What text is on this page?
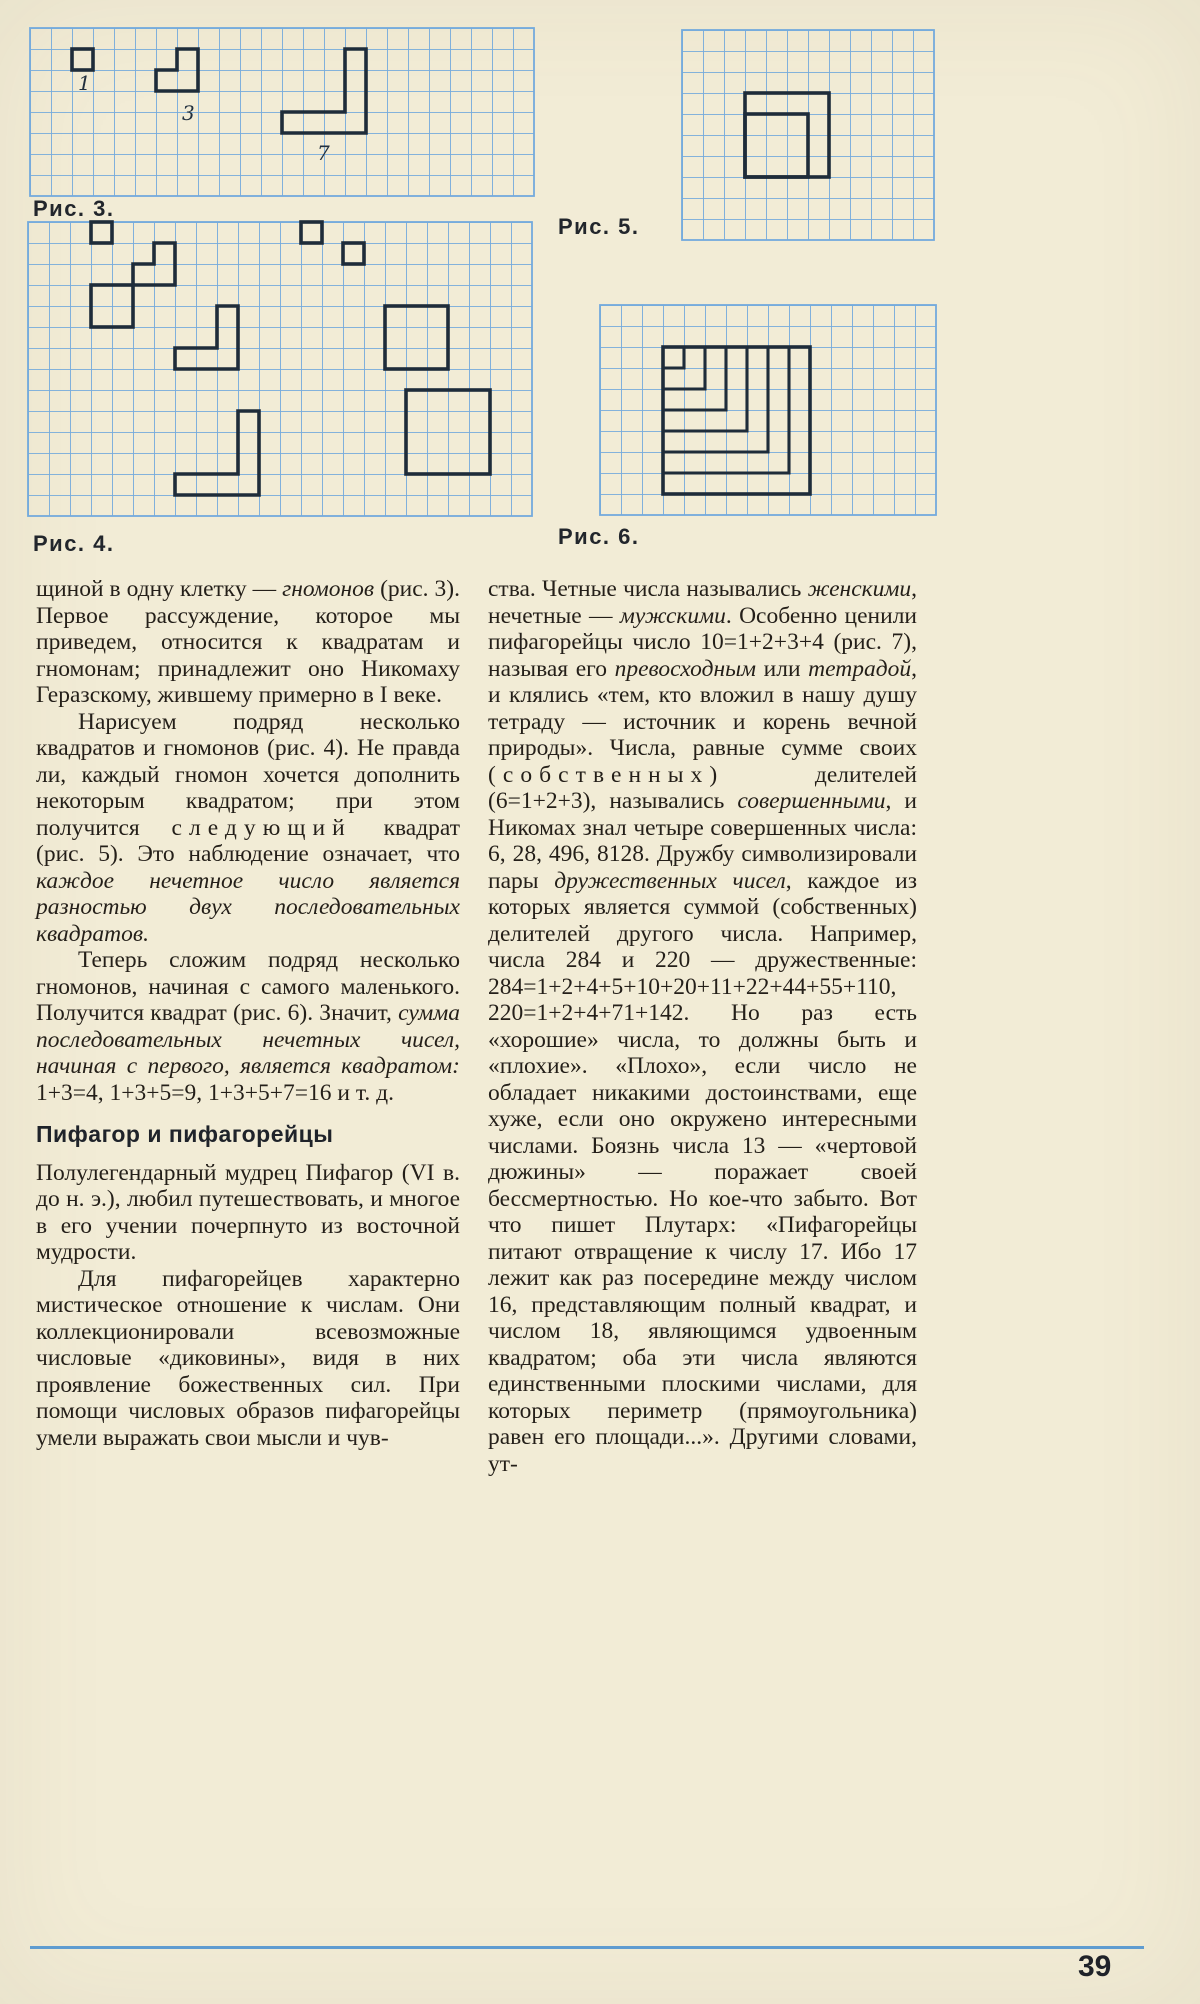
1
3
7
Рис. 3.
Рис. 5.
Рис. 4.	Рис. 6.

щиной в одну клетку — гномонов (рис. 3). Первое рассуждение, которое мы приведем, относится к квадратам и гномонам; принадлежит оно Никомаху Геразскому, жившему примерно в I веке.

Нарисуем подряд несколько квадратов и гномонов (рис. 4). Не правда ли, каждый гномон хочется дополнить некоторым квадратом; при этом получится следующий квадрат (рис. 5). Это наблюдение означает, что каждое нечетное число является разностью двух последовательных квадратов.

Теперь сложим подряд несколько гномонов, начиная с самого маленького. Получится квадрат (рис. 6). Значит, сумма последовательных нечетных чисел, начиная с первого, является квадратом: 1+3=4, 1+3+5=9, 1+3+5+7=16 и т. д.

Пифагор и пифагорейцы

Полулегендарный мудрец Пифагор (VI в. до н. э.), любил путешествовать, и многое в его учении почерпнуто из восточной мудрости.

Для пифагорейцев характерно мистическое отношение к числам. Они коллекционировали всевозможные числовые «диковины», видя в них проявление божественных сил. При помощи числовых образов пифагорейцы умели выражать свои мысли и чув-

ства. Четные числа назывались женскими, нечетные — мужскими. Особенно ценили пифагорейцы число 10=1+2+3+4 (рис. 7), называя его превосходным или тетрадой, и клялись «тем, кто вложил в нашу душу тетраду — источник и корень вечной природы». Числа, равные сумме своих (собственных) делителей (6=1+2+3), назывались совершенными, и Никомах знал четыре совершенных числа: 6, 28, 496, 8128. Дружбу символизировали пары дружественных чисел, каждое из которых является суммой (собственных) делителей другого числа. Например, числа 284 и 220 — дружественные: 284=1+2+4+5+10+20+11+22+44+55+110, 220=1+2+4+71+142. Но раз есть «хорошие» числа, то должны быть и «плохие». «Плохо», если число не обладает никакими достоинствами, еще хуже, если оно окружено интересными числами. Боязнь числа 13 — «чертовой дюжины» — поражает своей бессмертностью. Но кое-что забыто. Вот что пишет Плутарх: «Пифагорейцы питают отвращение к числу 17. Ибо 17 лежит как раз посередине между числом 16, представляющим полный квадрат, и числом 18, являющимся удвоенным квадратом; оба эти числа являются единственными плоскими числами, для которых периметр (прямоугольника) равен его площади...». Другими словами, ут-

39
